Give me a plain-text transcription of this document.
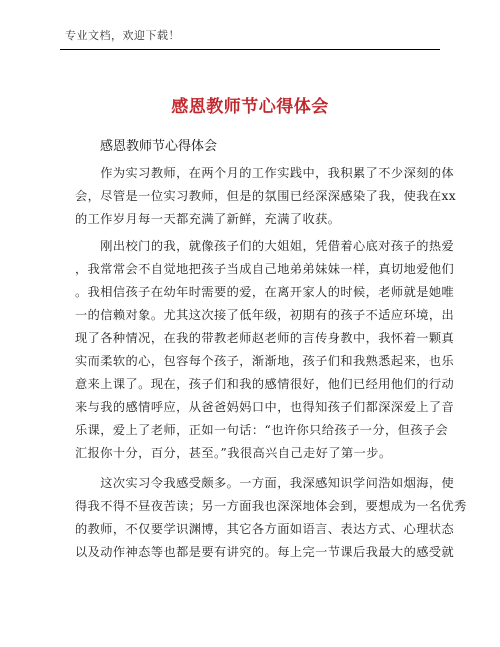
专业文档，欢迎下载！
感恩教师节心得体会
感恩教师节心得体会
　　作为实习教师，在两个月的工作实践中，我积累了不少深刻的体
会，尽管是一位实习教师，但是的氛围已经深深感染了我，使我在xx
的工作岁月每一天都充满了新鲜，充满了收获。
　　刚出校门的我，就像孩子们的大姐姐，凭借着心底对孩子的热爱
，我常常会不自觉地把孩子当成自己地弟弟妹妹一样，真切地爱他们
。我相信孩子在幼年时需要的爱，在离开家人的时候，老师就是她唯
一的信赖对象。尤其这次接了低年级，初期有的孩子不适应环境，出
现了各种情况，在我的带教老师赵老师的言传身教中，我怀着一颗真
实而柔软的心，包容每个孩子，渐渐地，孩子们和我熟悉起来，也乐
意来上课了。现在，孩子们和我的感情很好，他们已经用他们的行动
来与我的感情呼应，从爸爸妈妈口中，也得知孩子们都深深爱上了音
乐课，爱上了老师，正如一句话：“也许你只给孩子一分，但孩子会
汇报你十分，百分，甚至。”我很高兴自己走好了第一步。
　　这次实习令我感受颇多。一方面，我深感知识学问浩如烟海，使
得我不得不昼夜苦读；另一方面我也深深地体会到，要想成为一名优秀
的教师，不仅要学识渊博，其它各方面如语言、表达方式、心理状态
以及动作神态等也都是要有讲究的。每上完一节课后我最大的感受就
